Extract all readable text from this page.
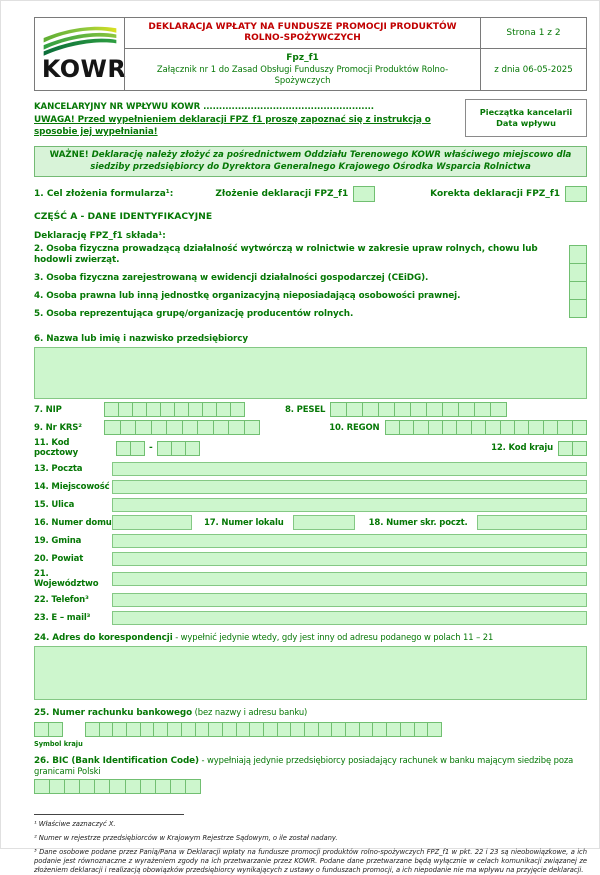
KOWR
DEKLARACJA WPŁATY NA FUNDUSZE PROMOCJI PRODUKTÓW ROLNO-SPOŻYWCZYCH	Strona 1 z 2
Fpz_f1
Załącznik nr 1 do Zasad Obsługi Funduszy Promocji Produktów Rolno-Spożywczych
z dnia 06-05-2025
KANCELARYJNY NR WPŁYWU KOWR ......................................................
UWAGA! Przed wypełnieniem deklaracji FPZ_f1 proszę zapoznać się z instrukcją o sposobie jej wypełniania!
Pieczątka kancelarii
Data wpływu
WAŻNE! Deklarację należy złożyć za pośrednictwem Oddziału Terenowego KOWR właściwego miejscowo dla siedziby przedsiębiorcy do Dyrektora Generalnego Krajowego Ośrodka Wsparcia Rolnictwa
1. Cel złożenia formularza¹:	Złożenie deklaracji FPZ_f1	Korekta deklaracji FPZ_f1
CZĘŚĆ A - DANE IDENTYFIKACYJNE
Deklarację FPZ_f1 składa¹:
2. Osoba fizyczna prowadzącą działalność wytwórczą w rolnictwie w zakresie upraw rolnych, chowu lub hodowli zwierząt.
3. Osoba fizyczna zarejestrowaną w ewidencji działalności gospodarczej (CEiDG).
4. Osoba prawna lub inną jednostkę organizacyjną nieposiadającą osobowości prawnej.
5. Osoba reprezentująca grupę/organizację producentów rolnych.
6. Nazwa lub imię i nazwisko przedsiębiorcy
7. NIP	8. PESEL
9. Nr KRS²	10. REGON
11. Kod pocztowy	-	12. Kod kraju
13. Poczta
14. Miejscowość
15. Ulica
16. Numer domu	17. Numer lokalu	18. Numer skr. poczt.
19. Gmina
20. Powiat
21. Województwo
22. Telefon³
23. E – mail³
24. Adres do korespondencji - wypełnić jedynie wtedy, gdy jest inny od adresu podanego w polach 11 – 21
25. Numer rachunku bankowego (bez nazwy i adresu banku)
Symbol kraju
26. BIC (Bank Identification Code) - wypełniają jedynie przedsiębiorcy posiadający rachunek w banku mającym siedzibę poza granicami Polski
¹ Właściwe zaznaczyć X.
² Numer w rejestrze przedsiębiorców w Krajowym Rejestrze Sądowym, o ile został nadany.
³ Dane osobowe podane przez Panią/Pana w Deklaracji wpłaty na fundusze promocji produktów rolno-spożywczych FPZ_f1 w pkt. 22 i 23 są nieobowiązkowe, a ich podanie jest równoznaczne z wyrażeniem zgody na ich przetwarzanie przez KOWR. Podane dane przetwarzane będą wyłącznie w celach komunikacji związanej ze złożeniem deklaracji i realizacją obowiązków przedsiębiorcy wynikających z ustawy o funduszach promocji, a ich niepodanie nie ma wpływu na przyjęcie deklaracji.
